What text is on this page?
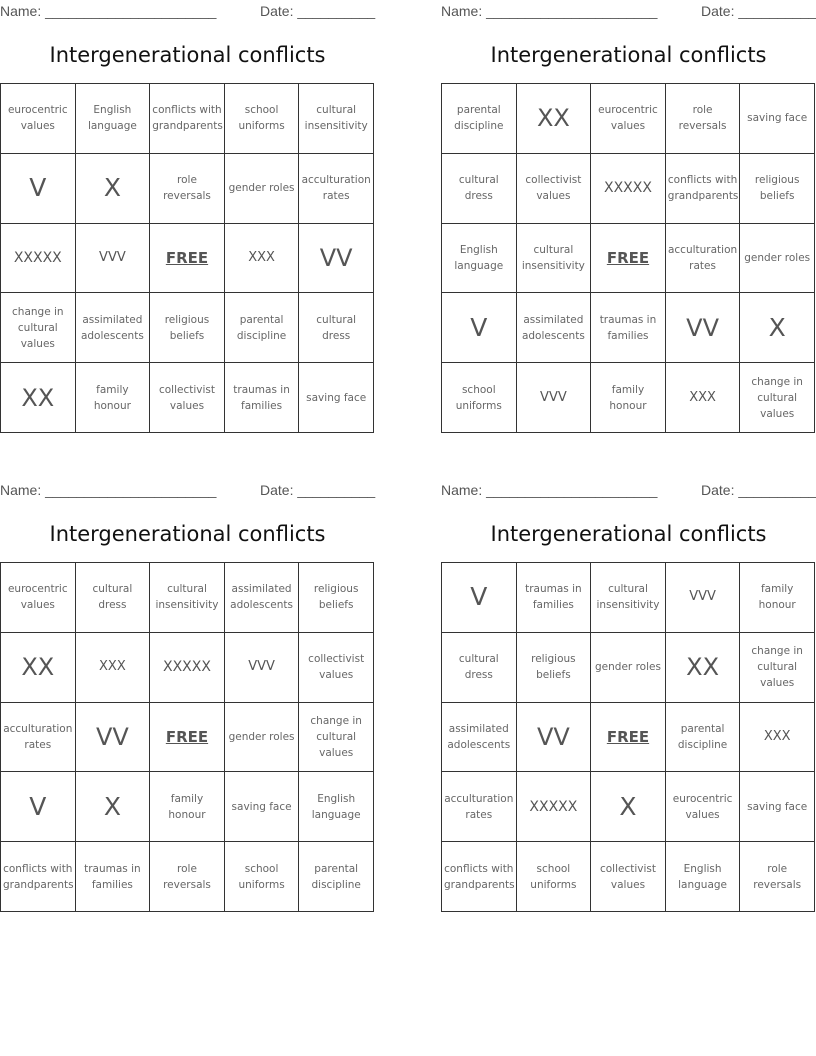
Name: ______________________	Date: __________
Intergenerational conflicts
eurocentric values	English language	conflicts with grandparents	school uniforms	cultural insensitivity
V	X	role reversals	gender roles	acculturation rates
XXXXX	VVV	FREE	XXX	VV
change in cultural values	assimilated adolescents	religious beliefs	parental discipline	cultural dress
XX	family honour	collectivist values	traumas in families	saving face
Name: ______________________	Date: __________
Intergenerational conflicts
parental discipline	XX	eurocentric values	role reversals	saving face
cultural dress	collectivist values	XXXXX	conflicts with grandparents	religious beliefs
English language	cultural insensitivity	FREE	acculturation rates	gender roles
V	assimilated adolescents	traumas in families	VV	X
school uniforms	VVV	family honour	XXX	change in cultural values
Name: ______________________	Date: __________
Intergenerational conflicts
eurocentric values	cultural dress	cultural insensitivity	assimilated adolescents	religious beliefs
XX	XXX	XXXXX	VVV	collectivist values
acculturation rates	VV	FREE	gender roles	change in cultural values
V	X	family honour	saving face	English language
conflicts with grandparents	traumas in families	role reversals	school uniforms	parental discipline
Name: ______________________	Date: __________
Intergenerational conflicts
V	traumas in families	cultural insensitivity	VVV	family honour
cultural dress	religious beliefs	gender roles	XX	change in cultural values
assimilated adolescents	VV	FREE	parental discipline	XXX
acculturation rates	XXXXX	X	eurocentric values	saving face
conflicts with grandparents	school uniforms	collectivist values	English language	role reversals
